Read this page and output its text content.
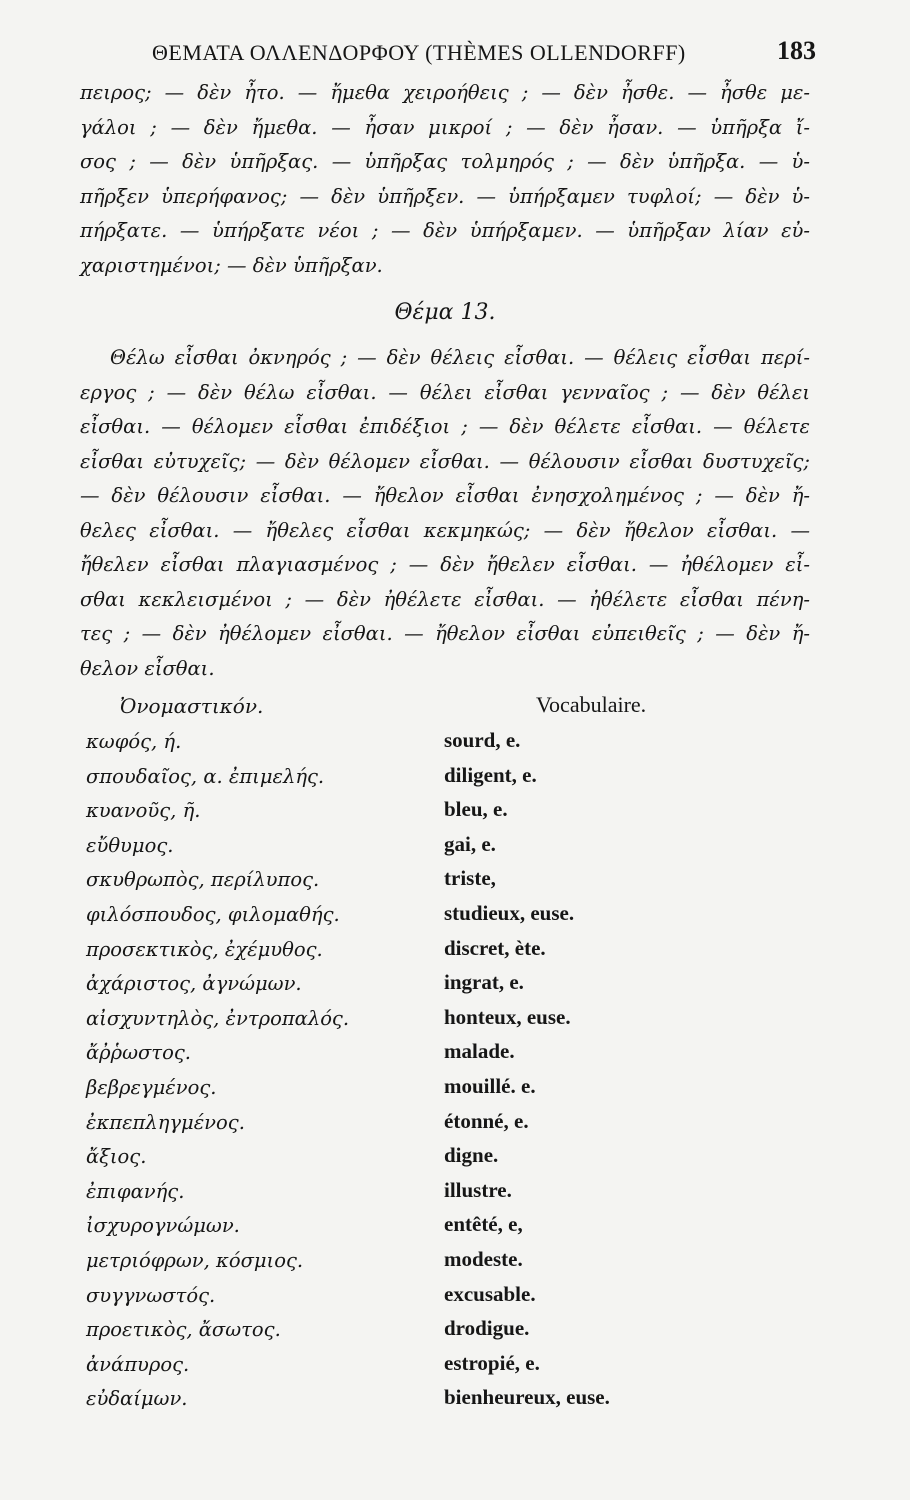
ΘΕΜΑΤΑ ΟΛΛΕΝΔΟΡΦΟΥ (THÈMES OLLENDORFF)	183

πειρος; — δὲν ἦτο. — ἤμεθα χειροήθεις ; — δὲν ἦσθε. — ἦσθε με-
γάλοι ; — δὲν ἤμεθα. — ἦσαν μικροί ; — δὲν ἦσαν. — ὑπῆρξα ἴ-
σος ; — δὲν ὑπῆρξας. — ὑπῆρξας τολμηρός ; — δὲν ὑπῆρξα. — ὑ-
πῆρξεν ὑπερήφανος; — δὲν ὑπῆρξεν. — ὑπήρξαμεν τυφλοί; — δὲν ὑ-
πήρξατε. — ὑπήρξατε νέοι ; — δὲν ὑπήρξαμεν. — ὑπῆρξαν λίαν εὐ-
χαριστημένοι; — δὲν ὑπῆρξαν.

Θέμα 13.

Θέλω εἶσθαι ὀκνηρός ; — δὲν θέλεις εἶσθαι. — θέλεις εἶσθαι περί-
εργος ; — δὲν θέλω εἶσθαι. — θέλει εἶσθαι γενναῖος ; — δὲν θέλει
εἶσθαι. — θέλομεν εἶσθαι ἐπιδέξιοι ; — δὲν θέλετε εἶσθαι. — θέλετε
εἶσθαι εὐτυχεῖς; — δὲν θέλομεν εἶσθαι. — θέλουσιν εἶσθαι δυστυχεῖς;
— δὲν θέλουσιν εἶσθαι. — ἤθελον εἶσθαι ἐνησχολημένος ; — δὲν ἤ-
θελες εἶσθαι. — ἤθελες εἶσθαι κεκμηκώς; — δὲν ἤθελον εἶσθαι. —
ἤθελεν εἶσθαι πλαγιασμένος ; — δὲν ἤθελεν εἶσθαι. — ἠθέλομεν εἶ-
σθαι κεκλεισμένοι ; — δὲν ἠθέλετε εἶσθαι. — ἠθέλετε εἶσθαι πένη-
τες ; — δὲν ἠθέλομεν εἶσθαι. — ἤθελον εἶσθαι εὐπειθεῖς ; — δὲν ἤ-
θελον εἶσθαι.

Ὀνομαστικόν.	Vocabulaire.
κωφός, ή.	sourd, e.
σπουδαῖος, α. ἐπιμελής.	diligent, e.
κυανοῦς, ῆ.	bleu, e.
εὔθυμος.	gai, e.
σκυθρωπὸς, περίλυπος.	triste,
φιλόσπουδος, φιλομαθής.	studieux, euse.
προσεκτικὸς, ἐχέμυθος.	discret, ète.
ἀχάριστος, ἀγνώμων.	ingrat, e.
αἰσχυντηλὸς, ἐντροπαλός.	honteux, euse.
ἄῤῥωστος.	malade.
βεβρεγμένος.	mouillé. e.
ἐκπεπληγμένος.	étonné, e.
ἄξιος.	digne.
ἐπιφανής.	illustre.
ἰσχυρογνώμων.	entêté, e,
μετριόφρων, κόσμιος.	modeste.
συγγνωστός.	excusable.
προετικὸς, ἄσωτος.	drodigue.
ἀνάπυρος.	estropié, e.
εὐδαίμων.	bienheureux, euse.
